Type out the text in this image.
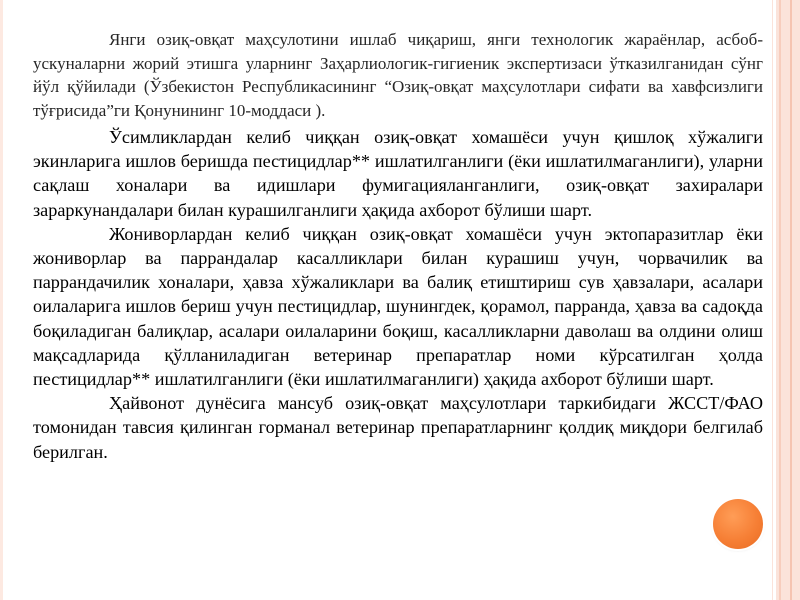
Янги озиқ-овқат маҳсулотини ишлаб чиқариш, янги технологик жараёнлар, асбоб-ускуналарни жорий этишга уларнинг Заҳарлиологик-гигиеник экспертизаси ўтказилганидан сўнг йўл қўйилади (Ўзбекистон Республикасининг “Озиқ-овқат маҳсулотлари сифати ва хавфсизлиги тўғрисида”ги Қонунининг 10-моддаси ).

Ўсимликлардан келиб чиққан озиқ-овқат хомашёси учун қишлоқ хўжалиги экинларига ишлов беришда пестицидлар** ишлатилганлиги (ёки ишлатилмаганлиги), уларни сақлаш хоналари ва идишлари фумигацияланганлиги, озиқ-овқат захиралари зараркунандалари билан курашилганлиги ҳақида ахборот бўлиши шарт.

Жониворлардан келиб чиққан озиқ-овқат хомашёси учун эктопаразитлар ёки жониворлар ва паррандалар касалликлари билан курашиш учун, чорвачилик ва паррандачилик хоналари, ҳавза хўжаликлари ва балиқ етиштириш сув ҳавзалари, асалари оилаларига ишлов бериш учун пестицидлар, шунингдек, қорамол, парранда, ҳавза ва садоқда боқиладиган балиқлар, асалари оилаларини боқиш, касалликларни даволаш ва олдини олиш мақсадларида қўлланиладиган ветеринар препаратлар номи кўрсатилган ҳолда пестицидлар** ишлатилганлиги (ёки ишлатилмаганлиги) ҳақида ахборот бўлиши шарт.

Ҳайвонот дунёсига мансуб озиқ-овқат маҳсулотлари таркибидаги ЖССТ/ФАО томонидан тавсия қилинган горманал ветеринар препаратларнинг қолдиқ миқдори белгилаб берилган.
